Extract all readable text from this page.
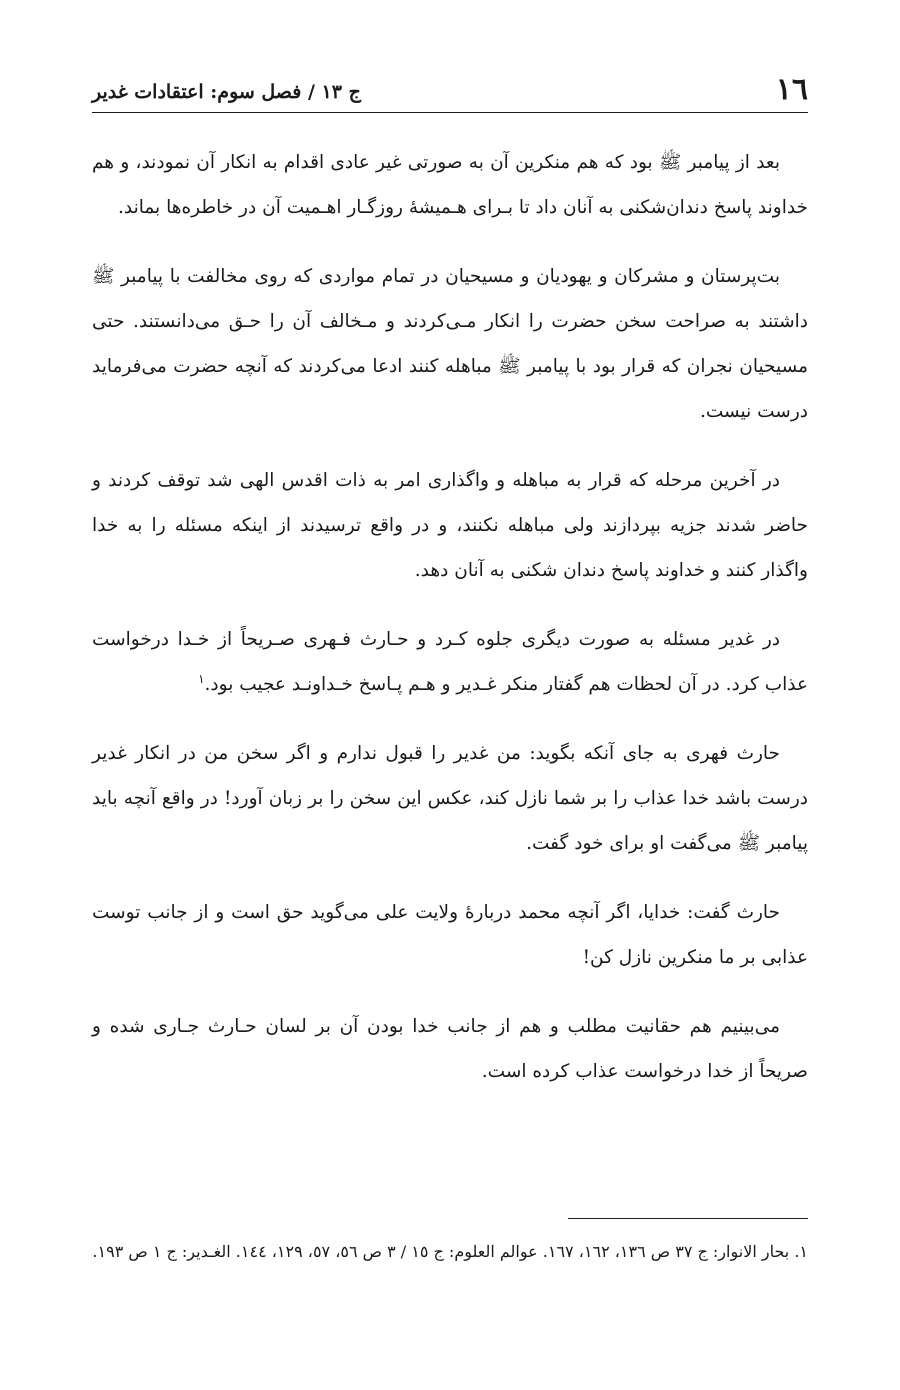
١٦
ج ١٣ / فصل سوم: اعتقادات غدیر

بعد از پیامبر ﷺ بود که هم منکرین آن به صورتی غیر عادی اقدام به انکار آن نمودند، و هم خداوند پاسخ دندان‌شکنی به آنان داد تا بـرای هـمیشهٔ روزگـار اهـمیت آن در خاطره‌ها بماند.

بت‌پرستان و مشرکان و یهودیان و مسیحیان در تمام مواردی که روی مخالفت با پیامبر ﷺ داشتند به صراحت سخن حضرت را انکار مـی‌کردند و مـخالف آن را حـق می‌دانستند. حتی مسیحیان نجران که قرار بود با پیامبر ﷺ مباهله کنند ادعا می‌کردند که آنچه حضرت می‌فرماید درست نیست.

در آخرین مرحله که قرار به مباهله و واگذاری امر به ذات اقدس الهی شد توقف کردند و حاضر شدند جزیه بپردازند ولی مباهله نکنند، و در واقع ترسیدند از اینکه مسئله را به خدا واگذار کنند و خداوند پاسخ دندان شکنی به آنان دهد.

در غدیر مسئله به صورت دیگری جلوه کـرد و حـارث فـهری صـریحاً از خـدا درخواست عذاب کرد. در آن لحظات هم گفتار منکر غـدیر و هـم پـاسخ خـداونـد عجیب بود.$^١$

حارث فهری به جای آنکه بگوید: من غدیر را قبول ندارم و اگر سخن من در انکار غدیر درست باشد خدا عذاب را بر شما نازل کند، عکس این سخن را بر زبان آورد! در واقع آنچه باید پیامبر ﷺ می‌گفت او برای خود گفت.

حارث گفت: خدایا، اگر آنچه محمد دربارهٔ ولایت علی می‌گوید حق است و از جانب توست عذابی بر ما منکرین نازل کن!

می‌بینیم هم حقانیت مطلب و هم از جانب خدا بودن آن بر لسان حـارث جـاری شده و صریحاً از خدا درخواست عذاب کرده است.

١. بحار الانوار: ج ٣٧ ص ١٣٦، ١٦٢، ١٦٧. عوالم العلوم: ج ١٥ / ٣ ص ٥٦، ٥٧، ١٢٩، ١٤٤. الغـدیر: ج ١ ص ١٩٣.
